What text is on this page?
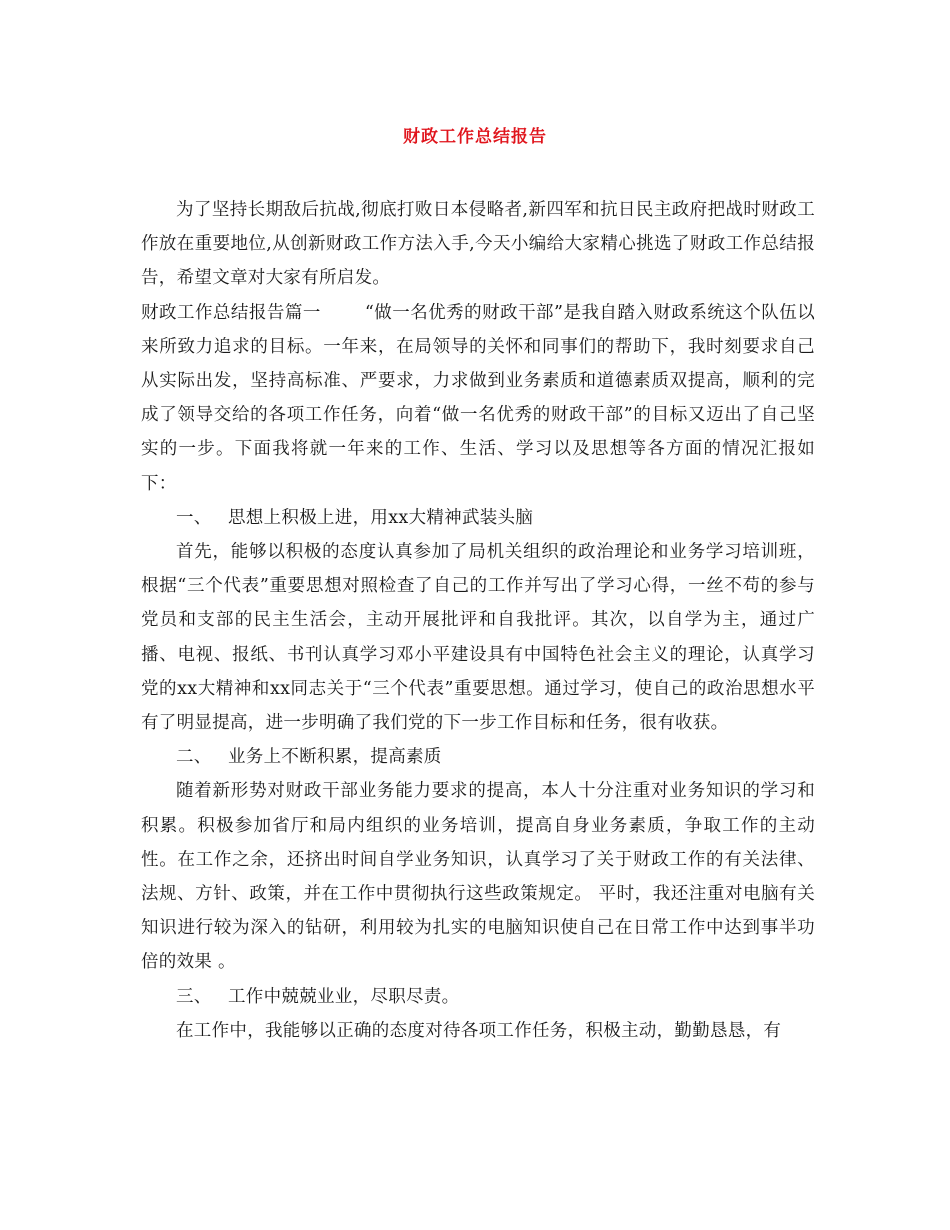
财政工作总结报告

为了坚持长期敌后抗战,彻底打败日本侵略者,新四军和抗日民主政府把战时财政工作放在重要地位,从创新财政工作方法入手,今天小编给大家精心挑选了财政工作总结报告，希望文章对大家有所启发。

财政工作总结报告篇一	“做一名优秀的财政干部”是我自踏入财政系统这个队伍以来所致力追求的目标。一年来，在局领导的关怀和同事们的帮助下，我时刻要求自己从实际出发，坚持高标准、严要求，力求做到业务素质和道德素质双提高，顺利的完成了领导交给的各项工作任务，向着“做一名优秀的财政干部”的目标又迈出了自己坚实的一步。下面我将就一年来的工作、生活、学习以及思想等各方面的情况汇报如下：

一、 思想上积极上进，用xx大精神武装头脑

首先，能够以积极的态度认真参加了局机关组织的政治理论和业务学习培训班，根据“三个代表”重要思想对照检查了自己的工作并写出了学习心得，一丝不苟的参与党员和支部的民主生活会，主动开展批评和自我批评。其次，以自学为主，通过广播、电视、报纸、书刊认真学习邓小平建设具有中国特色社会主义的理论，认真学习党的xx大精神和xx同志关于“三个代表”重要思想。通过学习，使自己的政治思想水平有了明显提高，进一步明确了我们党的下一步工作目标和任务，很有收获。

二、 业务上不断积累，提高素质

随着新形势对财政干部业务能力要求的提高，本人十分注重对业务知识的学习和积累。积极参加省厅和局内组织的业务培训，提高自身业务素质，争取工作的主动性。在工作之余，还挤出时间自学业务知识，认真学习了关于财政工作的有关法律、法规、方针、政策，并在工作中贯彻执行这些政策规定。 平时，我还注重对电脑有关知识进行较为深入的钻研，利用较为扎实的电脑知识使自己在日常工作中达到事半功倍的效果 。

三、 工作中兢兢业业，尽职尽责。

在工作中，我能够以正确的态度对待各项工作任务，积极主动，勤勤恳恳，有
